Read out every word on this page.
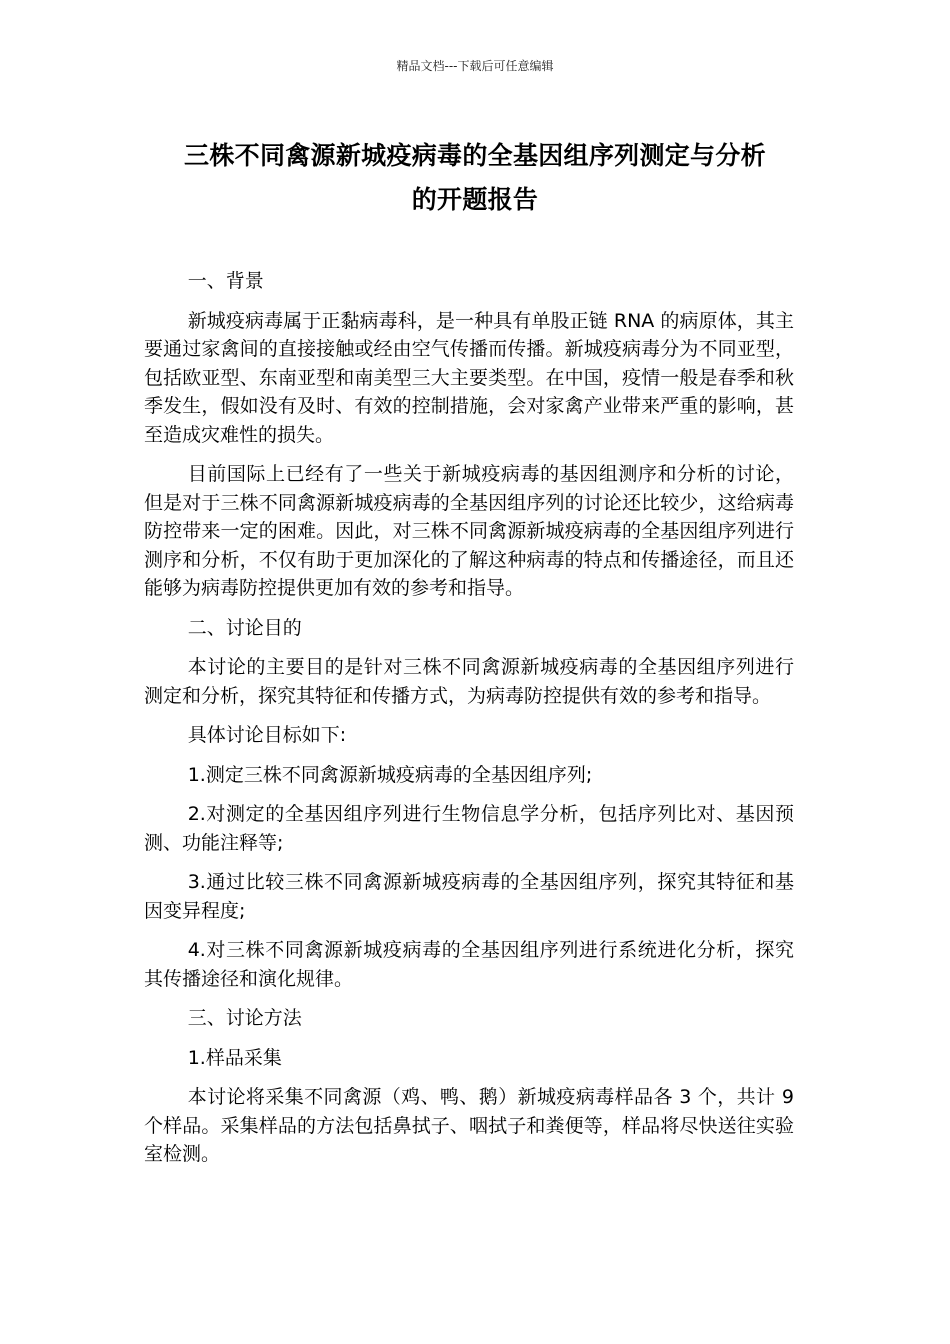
精品文档---下载后可任意编辑
三株不同禽源新城疫病毒的全基因组序列测定与分析
的开题报告

一、背景

新城疫病毒属于正黏病毒科，是一种具有单股正链 RNA 的病原体，其主要通过家禽间的直接接触或经由空气传播而传播。新城疫病毒分为不同亚型，包括欧亚型、东南亚型和南美型三大主要类型。在中国，疫情一般是春季和秋季发生，假如没有及时、有效的控制措施，会对家禽产业带来严重的影响，甚至造成灾难性的损失。

目前国际上已经有了一些关于新城疫病毒的基因组测序和分析的讨论，但是对于三株不同禽源新城疫病毒的全基因组序列的讨论还比较少，这给病毒防控带来一定的困难。因此，对三株不同禽源新城疫病毒的全基因组序列进行测序和分析，不仅有助于更加深化的了解这种病毒的特点和传播途径，而且还能够为病毒防控提供更加有效的参考和指导。

二、讨论目的

本讨论的主要目的是针对三株不同禽源新城疫病毒的全基因组序列进行测定和分析，探究其特征和传播方式，为病毒防控提供有效的参考和指导。

具体讨论目标如下:

1.测定三株不同禽源新城疫病毒的全基因组序列;

2.对测定的全基因组序列进行生物信息学分析，包括序列比对、基因预测、功能注释等;

3.通过比较三株不同禽源新城疫病毒的全基因组序列，探究其特征和基因变异程度;

4.对三株不同禽源新城疫病毒的全基因组序列进行系统进化分析，探究其传播途径和演化规律。

三、讨论方法

1.样品采集

本讨论将采集不同禽源（鸡、鸭、鹅）新城疫病毒样品各 3 个，共计 9 个样品。采集样品的方法包括鼻拭子、咽拭子和粪便等，样品将尽快送往实验室检测。
